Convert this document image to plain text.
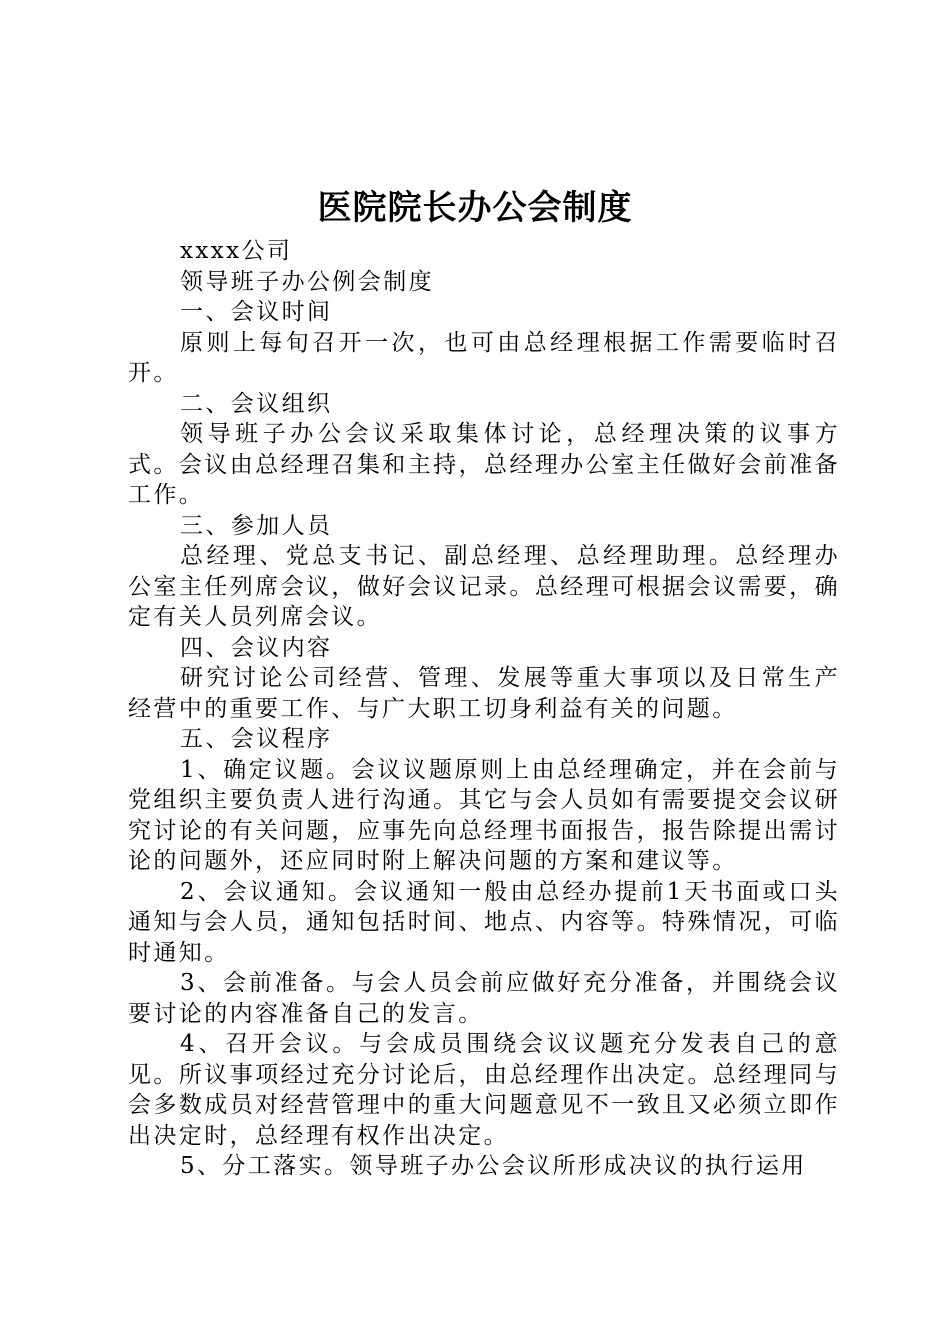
医院院长办公会制度

xxxx公司

领导班子办公例会制度

一、会议时间

原则上每旬召开一次，也可由总经理根据工作需要临时召开。

二、会议组织

领导班子办公会议采取集体讨论，总经理决策的议事方式。会议由总经理召集和主持，总经理办公室主任做好会前准备工作。

三、参加人员

总经理、党总支书记、副总经理、总经理助理。总经理办公室主任列席会议，做好会议记录。总经理可根据会议需要，确定有关人员列席会议。

四、会议内容

研究讨论公司经营、管理、发展等重大事项以及日常生产经营中的重要工作、与广大职工切身利益有关的问题。

五、会议程序

1、确定议题。会议议题原则上由总经理确定，并在会前与党组织主要负责人进行沟通。其它与会人员如有需要提交会议研究讨论的有关问题，应事先向总经理书面报告，报告除提出需讨论的问题外，还应同时附上解决问题的方案和建议等。

2、会议通知。会议通知一般由总经办提前1天书面或口头通知与会人员，通知包括时间、地点、内容等。特殊情况，可临时通知。

3、会前准备。与会人员会前应做好充分准备，并围绕会议要讨论的内容准备自己的发言。

4、召开会议。与会成员围绕会议议题充分发表自己的意见。所议事项经过充分讨论后，由总经理作出决定。总经理同与会多数成员对经营管理中的重大问题意见不一致且又必须立即作出决定时，总经理有权作出决定。

5、分工落实。领导班子办公会议所形成决议的执行运用
